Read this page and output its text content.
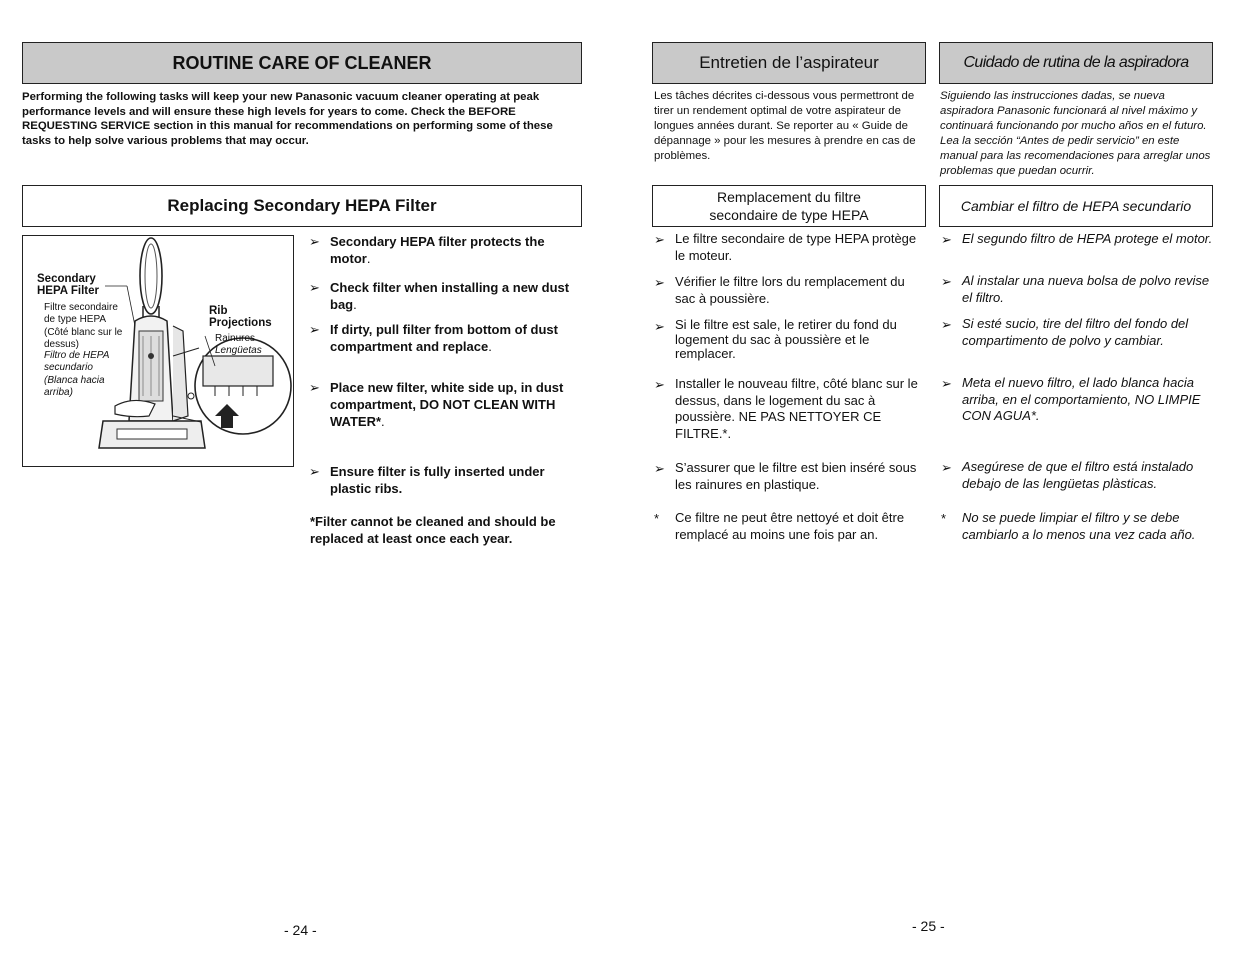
ROUTINE CARE OF CLEANER
Performing the following tasks will keep your new Panasonic vacuum cleaner operating at peak performance levels and will ensure these high levels for years to come. Check the BEFORE REQUESTING SERVICE section in this manual for recommendations on performing some of these tasks to help solve various problems that may occur.
Replacing Secondary HEPA Filter
Secondary HEPA Filter
Filtre secondaire de type HEPA (Côté blanc sur le dessus)
Filtro de HEPA secundario (Blanca hacia arriba)
Rib Projections
Rainures
Lengüetas
➢ Secondary HEPA filter protects the motor.
➢ Check filter when installing a new dust bag.
➢ If dirty, pull filter from bottom of dust compartment and replace.
➢ Place new filter, white side up, in dust compartment, DO NOT CLEAN WITH WATER*.
➢ Ensure filter is fully inserted under plastic ribs.
*Filter cannot be cleaned and should be replaced at least once each year.
- 24 -
Entretien de l’aspirateur
Les tâches décrites ci-dessous vous permettront de tirer un rendement optimal de votre aspirateur de longues années durant. Se reporter au « Guide de dépannage » pour les mesures à prendre en cas de problèmes.
Remplacement du filtre secondaire de type HEPA
➢ Le filtre secondaire de type HEPA protège le moteur.
➢ Vérifier le filtre lors du remplacement du sac à poussière.
➢ Si le filtre est sale, le retirer du fond du logement du sac à poussière et le remplacer.
➢ Installer le nouveau filtre, côté blanc sur le dessus, dans le logement du sac à poussière. NE PAS NETTOYER CE FILTRE.*.
➢ S’assurer que le filtre est bien inséré sous les rainures en plastique.
*	Ce filtre ne peut être nettoyé et doit être remplacé au moins une fois par an.
- 25 -
Cuidado de rutina de la aspiradora
Siguiendo las instrucciones dadas, se nueva aspiradora Panasonic funcionará al nivel máximo y continuará funcionando por mucho años en el futuro. Lea la sección “Antes de pedir servicio” en este manual para las recomendaciones para arreglar unos problemas que puedan ocurrir.
Cambiar el filtro de HEPA secundario
➢ El segundo filtro de HEPA protege el motor.
➢ Al instalar una nueva bolsa de polvo revise el filtro.
➢ Si esté sucio, tire del filtro del fondo del compartimento de polvo y cambiar.
➢ Meta el nuevo filtro, el lado blanca hacia arriba, en el comportamiento, NO LIMPIE CON AGUA*.
➢ Asegúrese de que el filtro está instalado debajo de las lengüetas plàsticas.
*	No se puede limpiar el filtro y se debe cambiarlo a lo menos una vez cada año.
